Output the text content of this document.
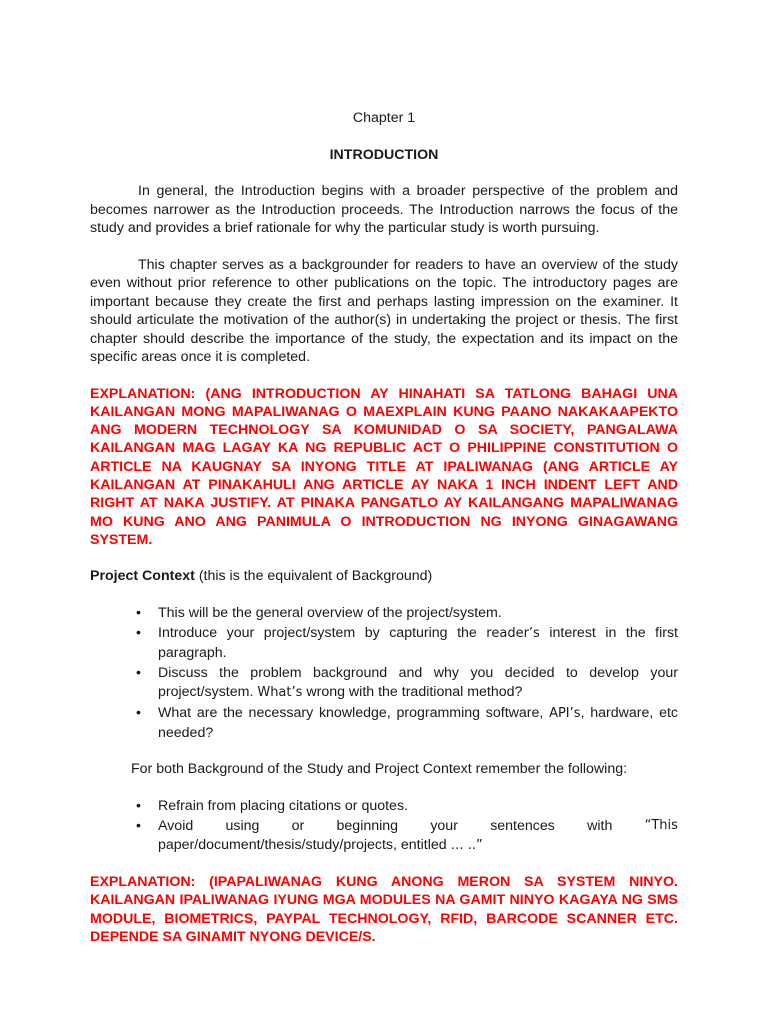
Chapter 1

INTRODUCTION

In general, the Introduction begins with a broader perspective of the problem and becomes narrower as the Introduction proceeds. The Introduction narrows the focus of the study and provides a brief rationale for why the particular study is worth pursuing.

This chapter serves as a backgrounder for readers to have an overview of the study even without prior reference to other publications on the topic. The introductory pages are important because they create the first and perhaps lasting impression on the examiner. It should articulate the motivation of the author(s) in undertaking the project or thesis. The first chapter should describe the importance of the study, the expectation and its impact on the specific areas once it is completed.

EXPLANATION: (ANG INTRODUCTION AY HINAHATI SA TATLONG BAHAGI UNA KAILANGAN MONG MAPALIWANAG O MAEXPLAIN KUNG PAANO NAKAKAAPEKTO ANG MODERN TECHNOLOGY SA KOMUNIDAD O SA SOCIETY, PANGALAWA KAILANGAN MAG LAGAY KA NG REPUBLIC ACT O PHILIPPINE CONSTITUTION O ARTICLE NA KAUGNAY SA INYONG TITLE AT IPALIWANAG (ANG ARTICLE AY KAILANGAN AT PINAKAHULI ANG ARTICLE AY NAKA 1 INCH INDENT LEFT AND RIGHT AT NAKA JUSTIFY. AT PINAKA PANGATLO AY KAILANGANG MAPALIWANAG MO KUNG ANO ANG PANIMULA O INTRODUCTION NG INYONG GINAGAWANG SYSTEM.

Project Context (this is the equivalent of Background)

• This will be the general overview of the project/system.
• Introduce your project/system by capturing the reader’s interest in the first paragraph.
• Discuss the problem background and why you decided to develop your project/system. What’s wrong with the traditional method?
• What are the necessary knowledge, programming software, API’s, hardware, etc needed?

For both Background of the Study and Project Context remember the following:

• Refrain from placing citations or quotes.
• Avoid using or beginning your sentences with “This
paper/document/thesis/study/projects, entitled … ..”

EXPLANATION: (IPAPALIWANAG KUNG ANONG MERON SA SYSTEM NINYO. KAILANGAN IPALIWANAG IYUNG MGA MODULES NA GAMIT NINYO KAGAYA NG SMS MODULE, BIOMETRICS, PAYPAL TECHNOLOGY, RFID, BARCODE SCANNER ETC. DEPENDE SA GINAMIT NYONG DEVICE/S.
